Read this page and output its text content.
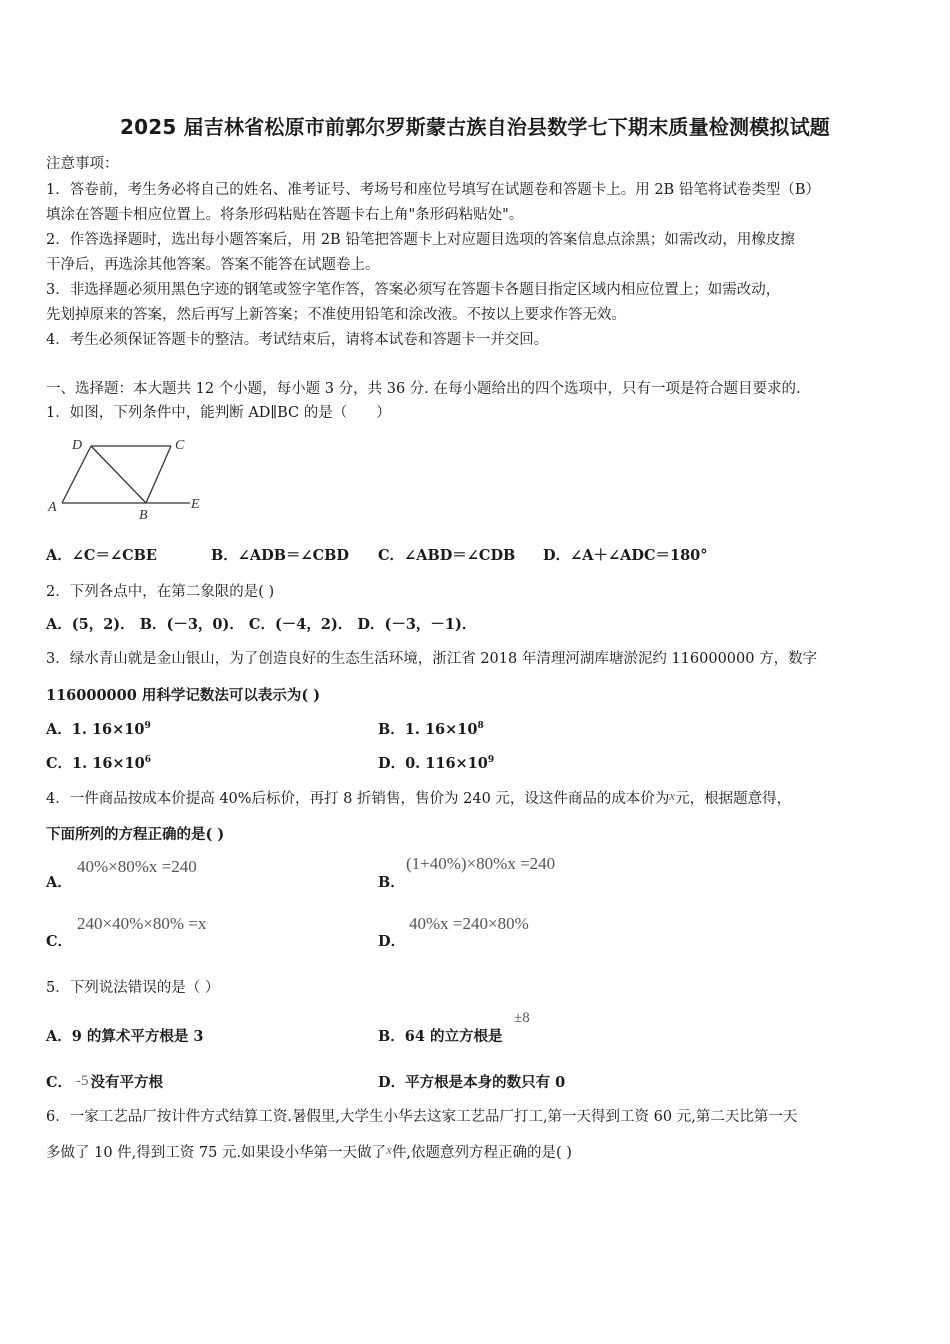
2025 届吉林省松原市前郭尔罗斯蒙古族自治县数学七下期末质量检测模拟试题
注意事项：
1．答卷前，考生务必将自己的姓名、准考证号、考场号和座位号填写在试题卷和答题卡上。用 2B 铅笔将试卷类型（B）
填涂在答题卡相应位置上。将条形码粘贴在答题卡右上角"条形码粘贴处"。
2．作答选择题时，选出每小题答案后，用 2B 铅笔把答题卡上对应题目选项的答案信息点涂黑；如需改动，用橡皮擦
干净后，再选涂其他答案。答案不能答在试题卷上。
3．非选择题必须用黑色字迹的钢笔或签字笔作答，答案必须写在答题卡各题目指定区域内相应位置上；如需改动，
先划掉原来的答案，然后再写上新答案；不准使用铅笔和涂改液。不按以上要求作答无效。
4．考生必须保证答题卡的整洁。考试结束后，请将本试卷和答题卡一并交回。
一、选择题：本大题共 12 个小题，每小题 3 分，共 36 分. 在每小题给出的四个选项中，只有一项是符合题目要求的.
1．如图，下列条件中，能判断 AD∥BC 的是（　　）
D	C
A
B
E
A．∠C＝∠CBE	B．∠ADB＝∠CBD C．∠ABD＝∠CDB D．∠A＋∠ADC＝180°
2．下列各点中，在第二象限的是( )
A．(5，2)． B．(－3，0)． C．(－4，2)． D．(－3，－1)．
3．绿水青山就是金山银山，为了创造良好的生态生活环境，浙江省 2018 年清理河湖库塘淤泥约 116000000 方，数字
116000000 用科学记数法可以表示为( )
A．1. $16\times 10^9$	B．1. $16\times 10^8$
C．1. $16\times 10^6$	D．0. $116\times 10^9$
4．一件商品按成本价提高 40%后标价，再打 8 折销售，售价为 240 元，设这件商品的成本价为x元，根据题意得，
下面所列的方程正确的是( )
A．
40%×80%x =240
B．
(1+40%)×80%x =240
C．
240×40%×80% =x
D．
40%x =240×80%
5．下列说法错误的是（ ）
A．9 的算术平方根是 3	B．64 的立方根是
±8
C． -5 没有平方根	D．平方根是本身的数只有 0
6．一家工艺品厂按计件方式结算工资.暑假里,大学生小华去这家工艺品厂打工,第一天得到工资 60 元,第二天比第一天
多做了 10 件,得到工资 75 元.如果设小华第一天做了x件,依题意列方程正确的是( )
